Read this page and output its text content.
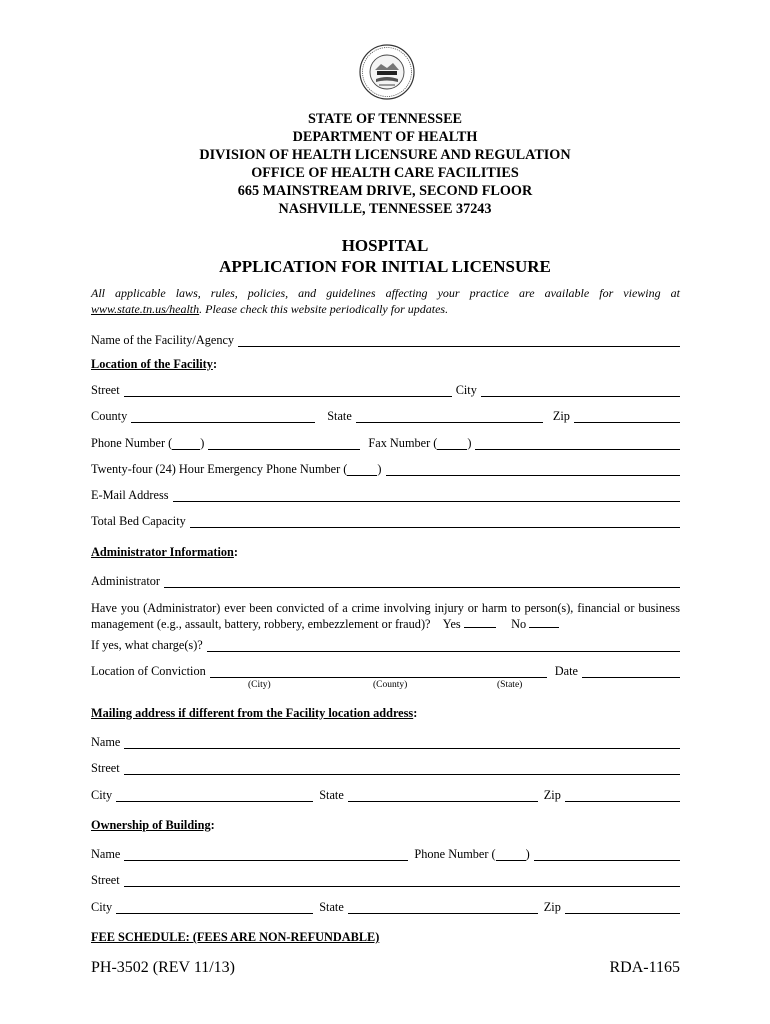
STATE OF TENNESSEE
DEPARTMENT OF HEALTH
DIVISION OF HEALTH LICENSURE AND REGULATION
OFFICE OF HEALTH CARE FACILITIES
665 MAINSTREAM DRIVE, SECOND FLOOR
NASHVILLE, TENNESSEE 37243
HOSPITAL
APPLICATION FOR INITIAL LICENSURE

All applicable laws, rules, policies, and guidelines affecting your practice are available for viewing at

www.state.tn.us/health. Please check this website periodically for updates.

Name of the Facility/Agency
Location of the Facility:
Street	City
County	State	Zip
Phone Number ( )	Fax Number ( )
Twenty-four (24) Hour Emergency Phone Number ( )
E-Mail Address
Total Bed Capacity
Administrator Information:
Administrator

Have you (Administrator) ever been convicted of a crime involving injury or harm to person(s), financial or business

management (e.g., assault, battery, robbery, embezzlement or fraud)? Yes	No

If yes, what charge(s)?
Location of Conviction	Date
(City)	(County)	(State)
Mailing address if different from the Facility location address:
Name
Street
City	State	Zip
Ownership of Building:
Name	Phone Number ( )
Street
City	State	Zip
FEE SCHEDULE: (FEES ARE NON-REFUNDABLE)
PH-3502 (REV 11/13)	RDA-1165
